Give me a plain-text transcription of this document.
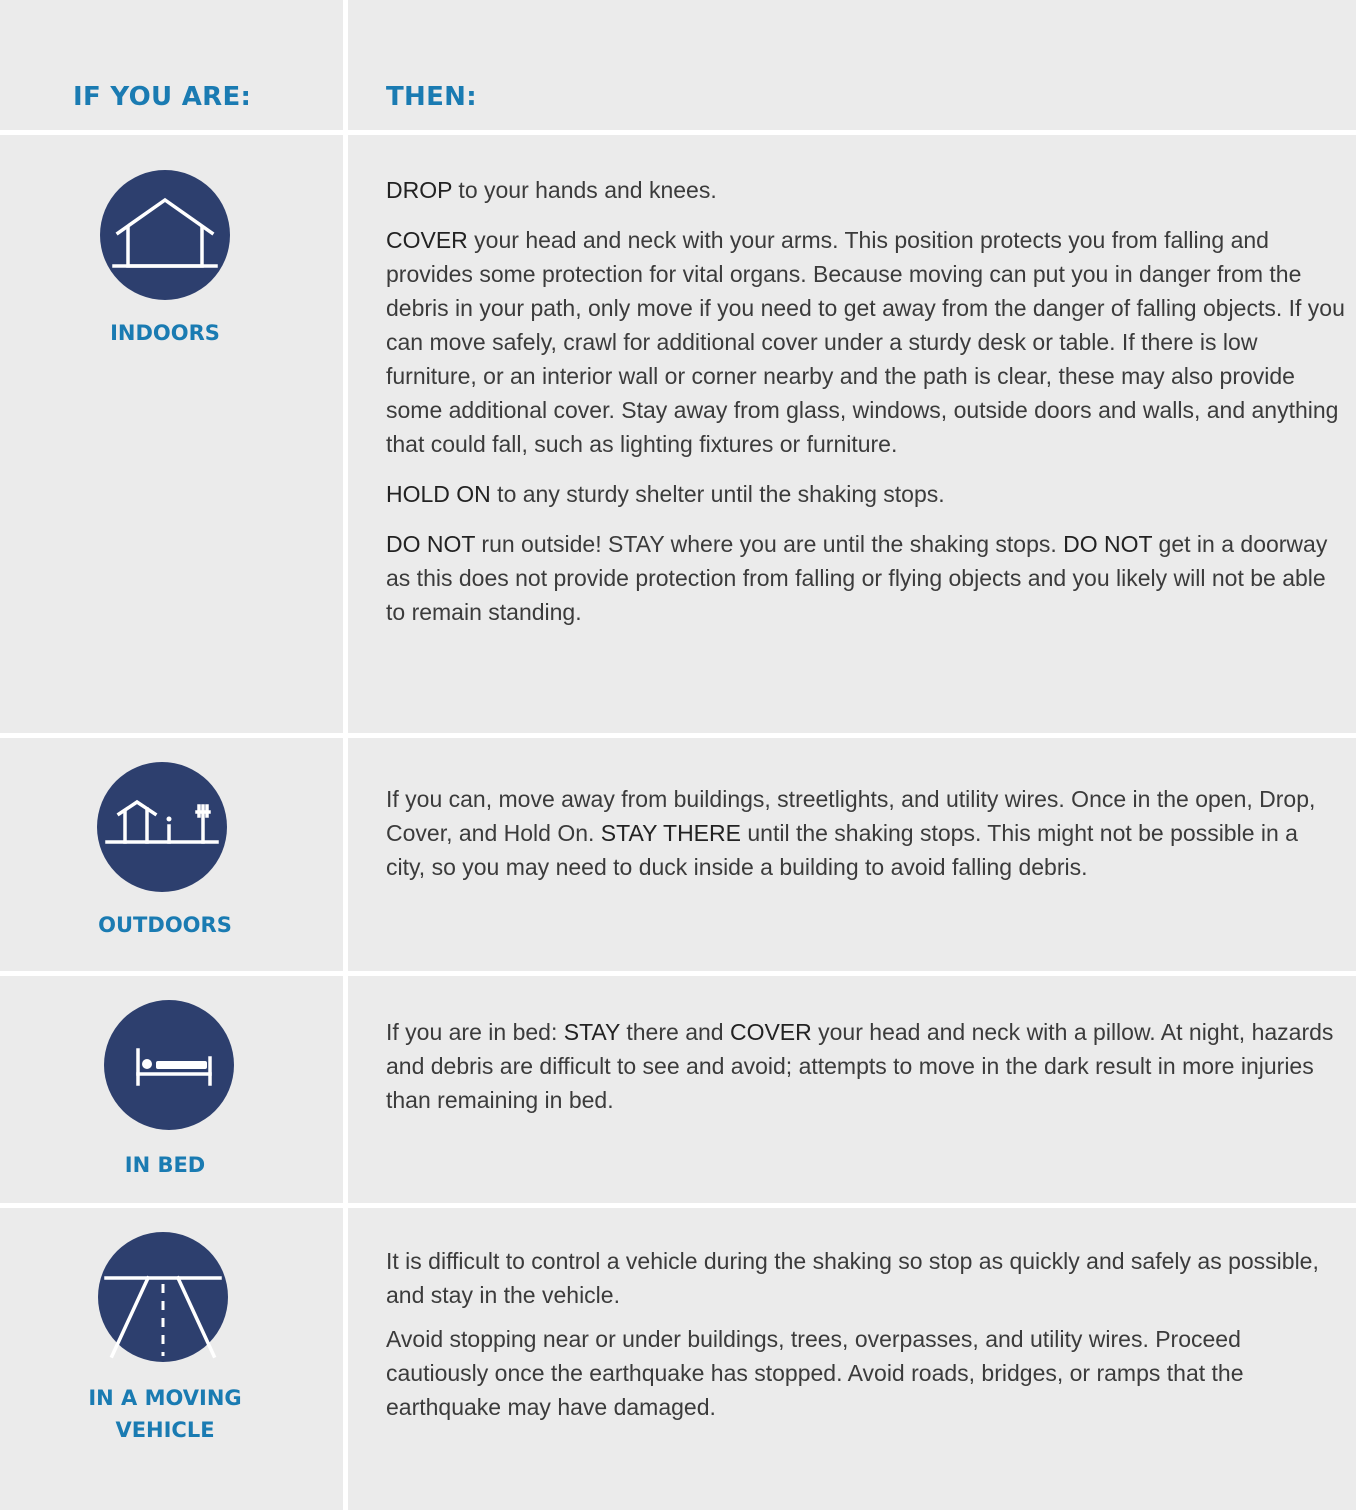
IF YOU ARE:	THEN:
INDOORS

DROP to your hands and knees.

COVER your head and neck with your arms. This position protects you from falling and provides some protection for vital organs. Because moving can put you in danger from the debris in your path, only move if you need to get away from the danger of falling objects. If you can move safely, crawl for additional cover under a sturdy desk or table. If there is low furniture, or an interior wall or corner nearby and the path is clear, these may also provide some additional cover. Stay away from glass, windows, outside doors and walls, and anything that could fall, such as lighting fixtures or furniture.

HOLD ON to any sturdy shelter until the shaking stops.

DO NOT run outside! STAY where you are until the shaking stops. DO NOT get in a doorway as this does not provide protection from falling or flying objects and you likely will not be able to remain standing.

OUTDOORS

If you can, move away from buildings, streetlights, and utility wires. Once in the open, Drop, Cover, and Hold On. STAY THERE until the shaking stops. This might not be possible in a city, so you may need to duck inside a building to avoid falling debris.

IN BED

If you are in bed: STAY there and COVER your head and neck with a pillow. At night, hazards and debris are difficult to see and avoid; attempts to move in the dark result in more injuries than remaining in bed.

IN A MOVING
VEHICLE

It is difficult to control a vehicle during the shaking so stop as quickly and safely as possible, and stay in the vehicle.

Avoid stopping near or under buildings, trees, overpasses, and utility wires. Proceed cautiously once the earthquake has stopped. Avoid roads, bridges, or ramps that the earthquake may have damaged.
